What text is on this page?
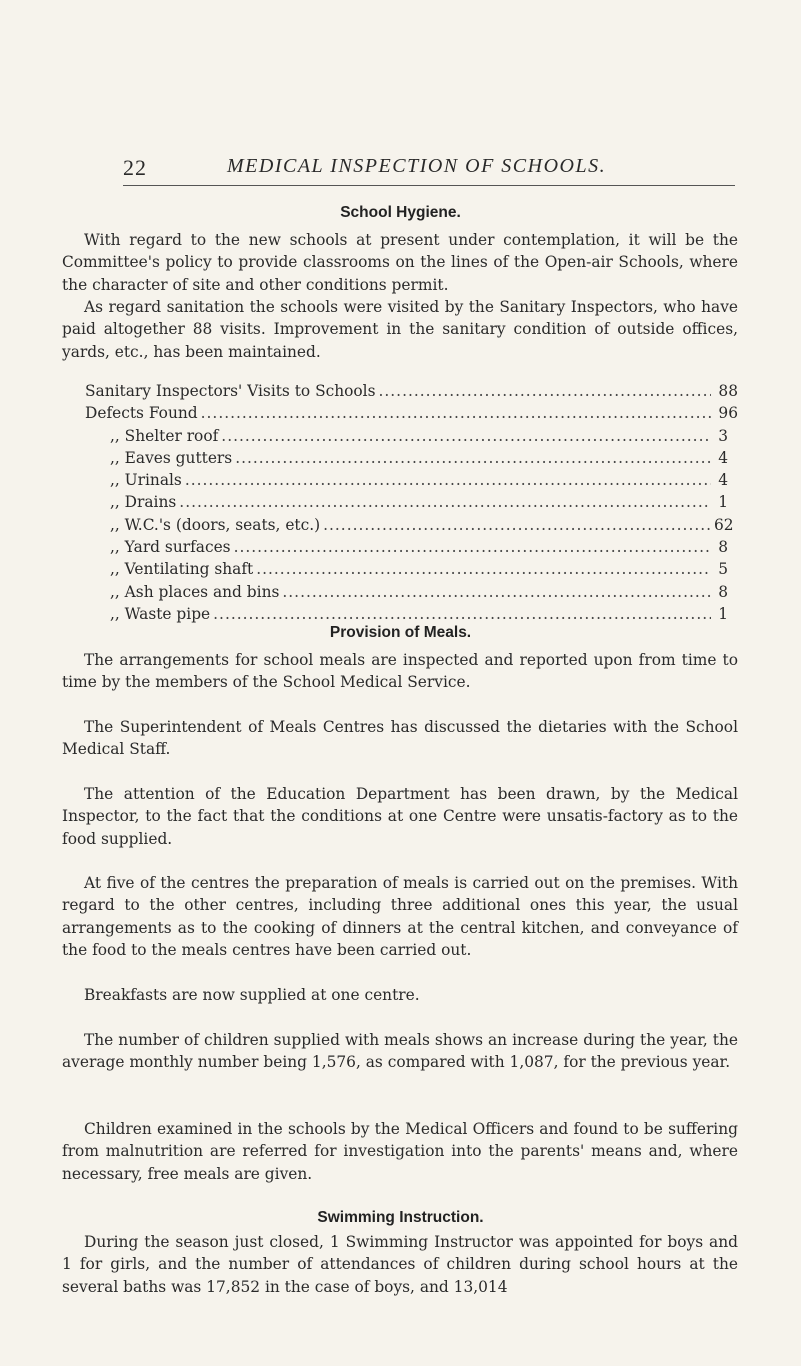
22	MEDICAL INSPECTION OF SCHOOLS.
School Hygiene.

With regard to the new schools at present under contemplation, it will be the Committee's policy to provide classrooms on the lines of the Open-air Schools, where the character of site and other conditions permit.

As regard sanitation the schools were visited by the Sanitary Inspectors, who have paid altogether 88 visits. Improvement in the sanitary condition of outside offices, yards, etc., has been maintained.

Sanitary Inspectors' Visits to Schools .....	88
Defects Found .....	96
,, Shelter roof .....	3
,, Eaves gutters .....	4
,, Urinals .....	4
,, Drains .....	1
,, W.C.'s (doors, seats, etc.) .....	62
,, Yard surfaces .....	8
,, Ventilating shaft .....	5
,, Ash places and bins .....	8
,, Waste pipe .....	1
Provision of Meals.

The arrangements for school meals are inspected and reported upon from time to time by the members of the School Medical Service.

The Superintendent of Meals Centres has discussed the dietaries with the School Medical Staff.

The attention of the Education Department has been drawn, by the Medical Inspector, to the fact that the conditions at one Centre were unsatis-factory as to the food supplied.

At five of the centres the preparation of meals is carried out on the premises. With regard to the other centres, including three additional ones this year, the usual arrangements as to the cooking of dinners at the central kitchen, and conveyance of the food to the meals centres have been carried out.

Breakfasts are now supplied at one centre.

The number of children supplied with meals shows an increase during the year, the average monthly number being 1,576, as compared with 1,087, for the previous year.

Children examined in the schools by the Medical Officers and found to be suffering from malnutrition are referred for investigation into the parents' means and, where necessary, free meals are given.

Swimming Instruction.

During the season just closed, 1 Swimming Instructor was appointed for boys and 1 for girls, and the number of attendances of children during school hours at the several baths was 17,852 in the case of boys, and 13,014
